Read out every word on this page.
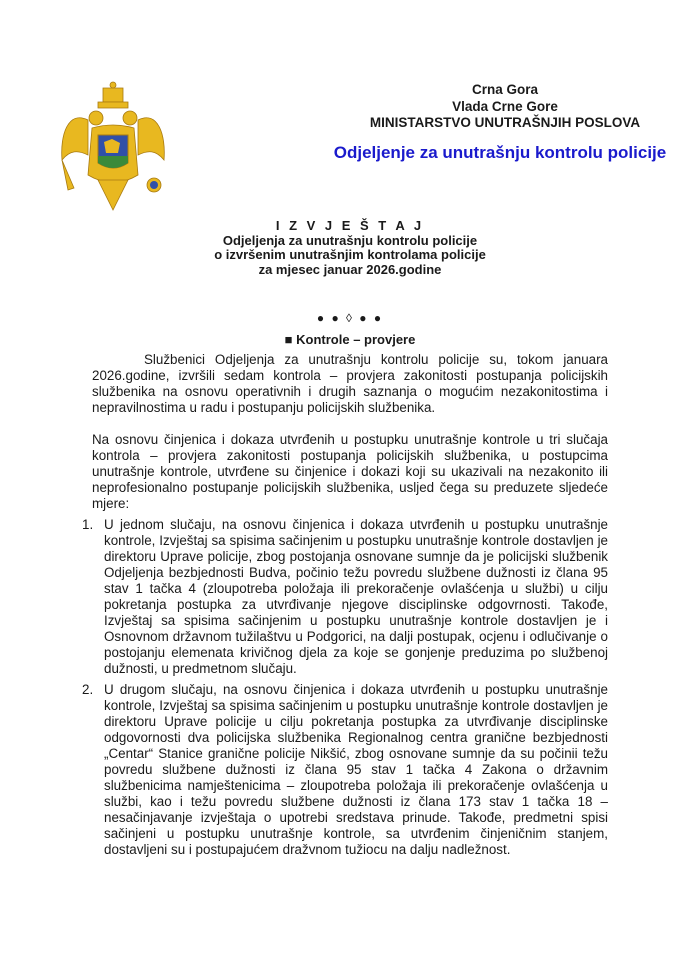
Crna Gora
Vlada Crne Gore
MINISTARSTVO UNUTRAŠNJIH POSLOVA
Odjeljenje za unutrašnju kontrolu policije
I Z V J E Š T A J
Odjeljenja za unutrašnju kontrolu policije
o izvršenim unutrašnjim kontrolama policije
za mjesec januar 2026.godine
● ● ◊ ● ●
■ Kontrole – provjere
Službenici Odjeljenja za unutrašnju kontrolu policije su, tokom januara 2026.godine, izvršili sedam kontrola – provjera zakonitosti postupanja policijskih službenika na osnovu operativnih i drugih saznanja o mogućim nezakonitostima i nepravilnostima u radu i postupanju policijskih službenika.
Na osnovu činjenica i dokaza utvrđenih u postupku unutrašnje kontrole u tri slučaja kontrola – provjera zakonitosti postupanja policijskih službenika, u postupcima unutrašnje kontrole, utvrđene su činjenice i dokazi koji su ukazivali na nezakonito ili neprofesionalno postupanje policijskih službenika, usljed čega su preduzete sljedeće mjere:
1. U jednom slučaju, na osnovu činjenica i dokaza utvrđenih u postupku unutrašnje kontrole, Izvještaj sa spisima sačinjenim u postupku unutrašnje kontrole dostavljen je direktoru Uprave policije, zbog postojanja osnovane sumnje da je policijski službenik Odjeljenja bezbjednosti Budva, počinio težu povredu službene dužnosti iz člana 95 stav 1 tačka 4 (zloupotreba položaja ili prekoračenje ovlašćenja u službi) u cilju pokretanja postupka za utvrđivanje njegove disciplinske odgovrnosti. Takođe, Izvještaj sa spisima sačinjenim u postupku unutrašnje kontrole dostavljen je i Osnovnom državnom tužilaštvu u Podgorici, na dalji postupak, ocjenu i odlučivanje o postojanju elemenata krivičnog djela za koje se gonjenje preduzima po službenoj dužnosti, u predmetnom slučaju.
2. U drugom slučaju, na osnovu činjenica i dokaza utvrđenih u postupku unutrašnje kontrole, Izvještaj sa spisima sačinjenim u postupku unutrašnje kontrole dostavljen je direktoru Uprave policije u cilju pokretanja postupka za utvrđivanje disciplinske odgovornosti dva policijska službenika Regionalnog centra granične bezbjednosti „Centar“ Stanice granične policije Nikšić, zbog osnovane sumnje da su počinii težu povredu službene dužnosti iz člana 95 stav 1 tačka 4 Zakona o državnim službenicima namještenicima – zloupotreba položaja ili prekoračenje ovlašćenja u službi, kao i težu povredu službene dužnosti iz člana 173 stav 1 tačka 18 – nesačinjavanje izvještaja o upotrebi sredstava prinude. Takođe, predmetni spisi sačinjeni u postupku unutrašnje kontrole, sa utvrđenim činjeničnim stanjem, dostavljeni su i postupajućem dražvnom tužiocu na dalju nadležnost.
